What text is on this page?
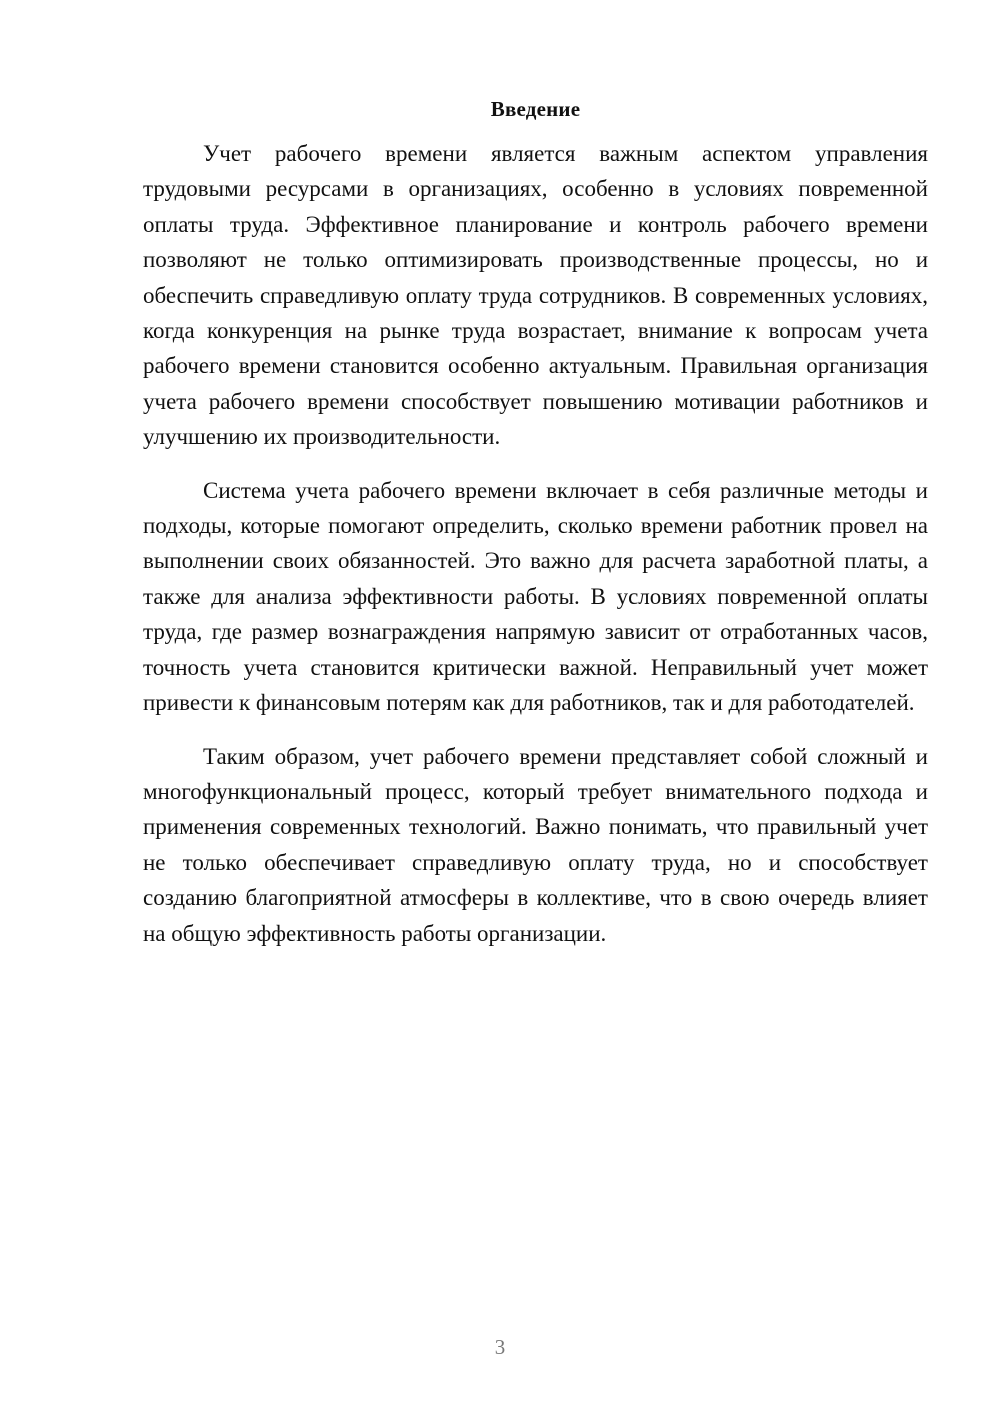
Введение

Учет рабочего времени является важным аспектом управления трудовыми ресурсами в организациях, особенно в условиях повременной оплаты труда. Эффективное планирование и контроль рабочего времени позволяют не только оптимизировать производственные процессы, но и обеспечить справедливую оплату труда сотрудников. В современных условиях, когда конкуренция на рынке труда возрастает, внимание к вопросам учета рабочего времени становится особенно актуальным. Правильная организация учета рабочего времени способствует повышению мотивации работников и улучшению их производительности.

Система учета рабочего времени включает в себя различные методы и подходы, которые помогают определить, сколько времени работник провел на выполнении своих обязанностей. Это важно для расчета заработной платы, а также для анализа эффективности работы. В условиях повременной оплаты труда, где размер вознаграждения напрямую зависит от отработанных часов, точность учета становится критически важной. Неправильный учет может привести к финансовым потерям как для работников, так и для работодателей.

Таким образом, учет рабочего времени представляет собой сложный и многофункциональный процесс, который требует внимательного подхода и применения современных технологий. Важно понимать, что правильный учет не только обеспечивает справедливую оплату труда, но и способствует созданию благоприятной атмосферы в коллективе, что в свою очередь влияет на общую эффективность работы организации.

3
